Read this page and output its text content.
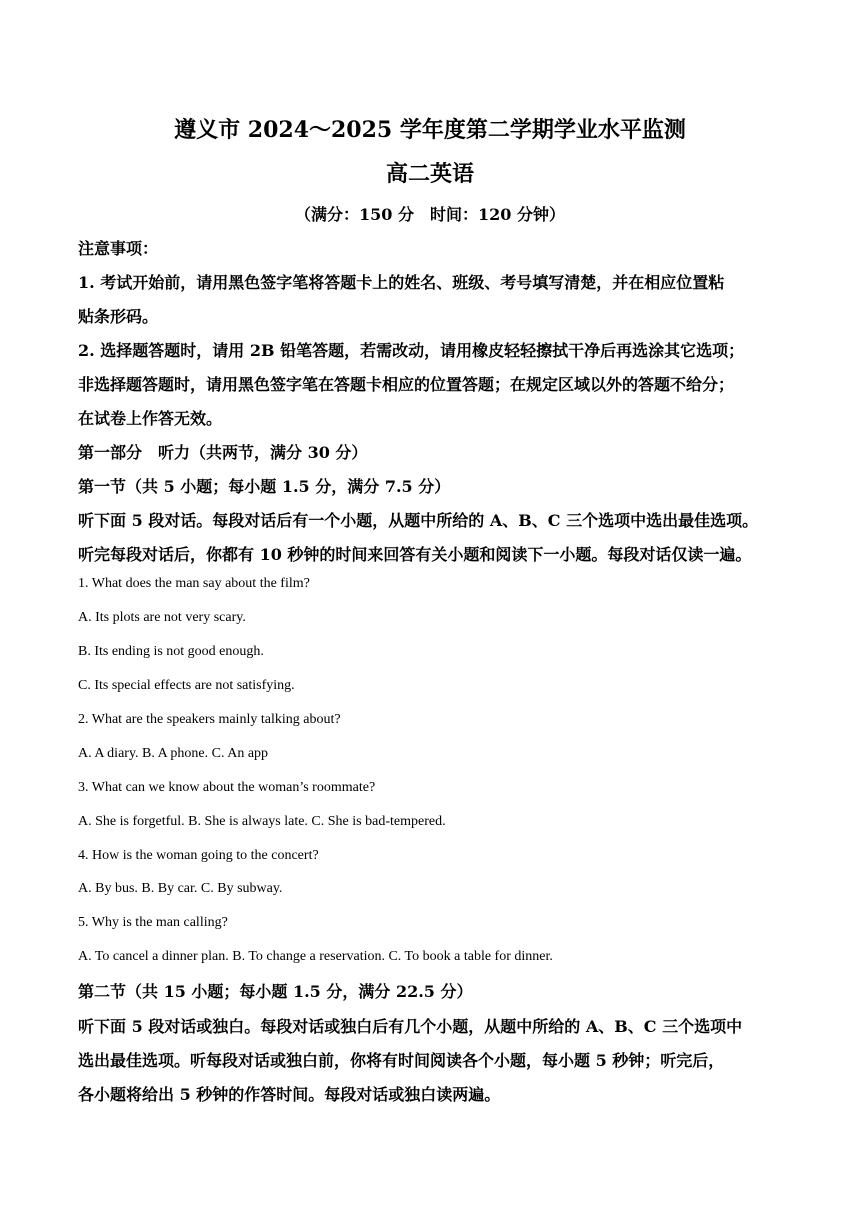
遵义市 2024～2025 学年度第二学期学业水平监测
高二英语
（满分：150 分　时间：120 分钟）
注意事项：
1. 考试开始前，请用黑色签字笔将答题卡上的姓名、班级、考号填写清楚，并在相应位置粘
贴条形码。
2. 选择题答题时，请用 2B 铅笔答题，若需改动，请用橡皮轻轻擦拭干净后再选涂其它选项；
非选择题答题时，请用黑色签字笔在答题卡相应的位置答题；在规定区域以外的答题不给分；
在试卷上作答无效。
第一部分　听力（共两节，满分 30 分）
第一节（共 5 小题；每小题 1.5 分，满分 7.5 分）
听下面 5 段对话。每段对话后有一个小题，从题中所给的 A、B、C 三个选项中选出最佳选项。
听完每段对话后，你都有 10 秒钟的时间来回答有关小题和阅读下一小题。每段对话仅读一遍。
1. What does the man say about the film?
A. Its plots are not very scary.
B. Its ending is not good enough.
C. Its special effects are not satisfying.
2. What are the speakers mainly talking about?
A. A diary. B. A phone. C. An app
3. What can we know about the woman’s roommate?
A. She is forgetful. B. She is always late. C. She is bad-tempered.
4. How is the woman going to the concert?
A. By bus. B. By car. C. By subway.
5. Why is the man calling?
A. To cancel a dinner plan. B. To change a reservation. C. To book a table for dinner.
第二节（共 15 小题；每小题 1.5 分，满分 22.5 分）
听下面 5 段对话或独白。每段对话或独白后有几个小题，从题中所给的 A、B、C 三个选项中
选出最佳选项。听每段对话或独白前，你将有时间阅读各个小题，每小题 5 秒钟；听完后，
各小题将给出 5 秒钟的作答时间。每段对话或独白读两遍。
